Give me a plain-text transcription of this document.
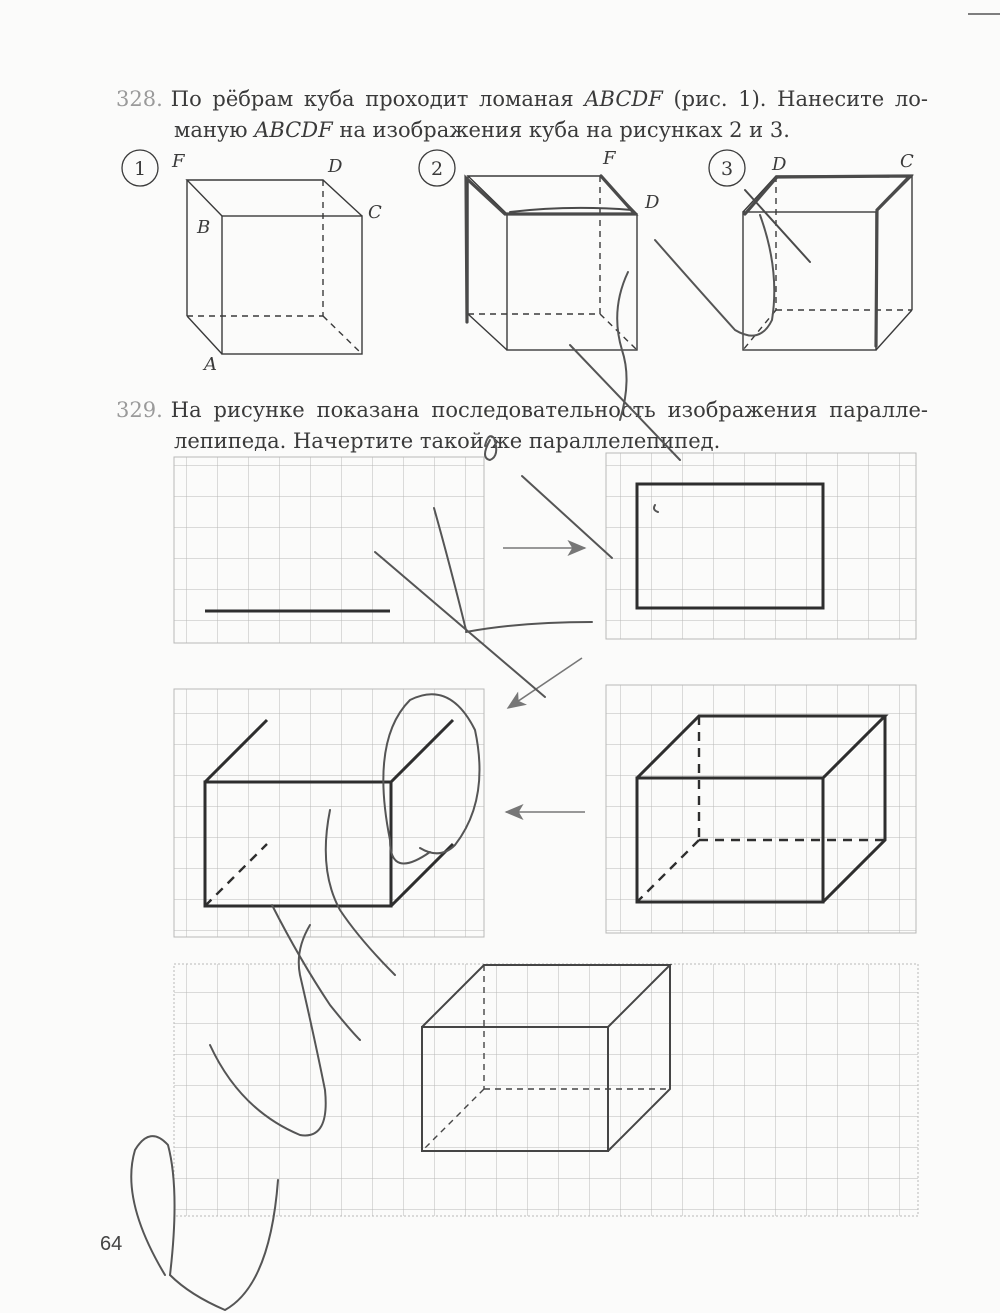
328. По рёбрам куба проходит ломаная ABCDF (рис. 1). Нанесите ло-
маную ABCDF на изображения куба на рисунках 2 и 3.
329. На рисунке показана последовательность изображения паралле-
лепипеда. Начертите такой же параллелепипед.
1 F	D
C
B
A
2	F
D
3 D	C
64
